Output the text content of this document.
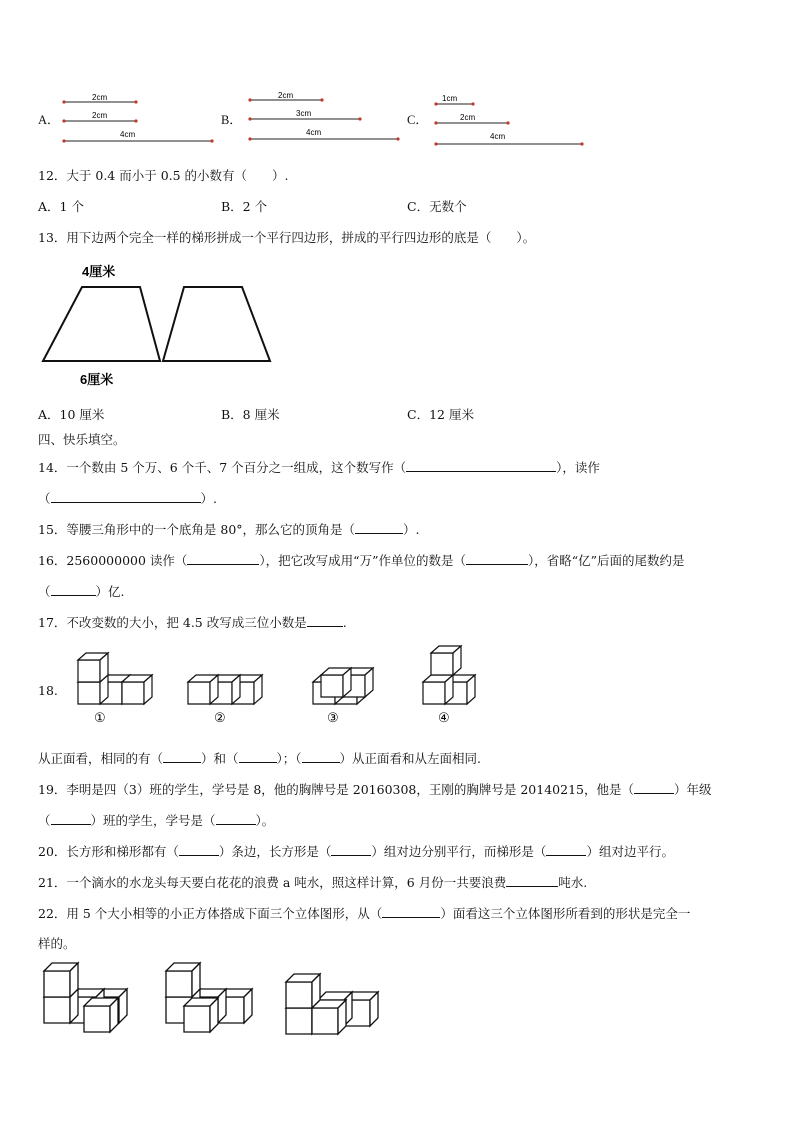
A．
2cm
2cm
4cm
B．
2cm
3cm
4cm
C．
1cm
2cm
4cm
12．大于 0.4 而小于 0.5 的小数有（　　）.
A．1 个	B．2 个	C．无数个
13．用下边两个完全一样的梯形拼成一个平行四边形，拼成的平行四边形的底是（　　）。
4厘米
6厘米
A．10 厘米	B．8 厘米	C．12 厘米
四、快乐填空。
14．一个数由 5 个万、6 个千、7 个百分之一组成，这个数写作（	），读作
（	）.
15．等腰三角形中的一个底角是 80°，那么它的顶角是（	）.
16．2560000000 读作（	），把它改写成用“万”作单位的数是（	），省略“亿”后面的尾数约是
（	）亿.
17．不改变数的大小，把 4.5 改写成三位小数是	.
18.
①	②	③	④
从正面看，相同的有（	）和（	）；（	）从正面看和从左面相同.
19．李明是四（3）班的学生，学号是 8，他的胸牌号是 20160308，王刚的胸牌号是 20140215，他是（	）年级
（	）班的学生，学号是（	）。
20．长方形和梯形都有（	）条边，长方形是（	）组对边分别平行，而梯形是（	）组对边平行。
21．一个滴水的水龙头每天要白花花的浪费 a 吨水，照这样计算，6 月份一共要浪费	吨水.
22．用 5 个大小相等的小正方体搭成下面三个立体图形，从（	）面看这三个立体图形所看到的形状是完全一
样的。
